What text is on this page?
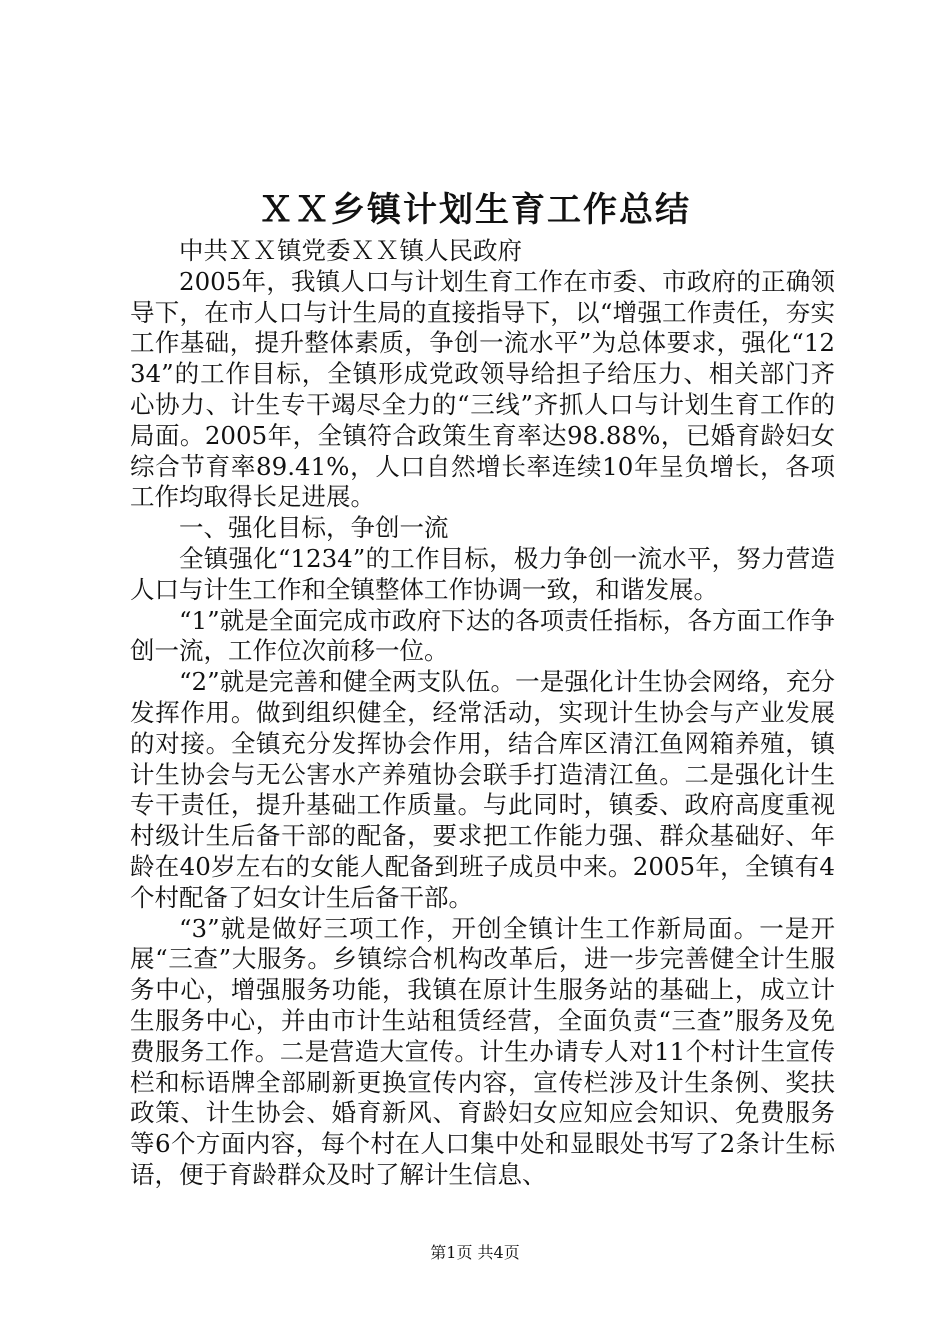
ＸＸ乡镇计划生育工作总结

中共ＸＸ镇党委ＸＸ镇人民政府

2005年，我镇人口与计划生育工作在市委、市政府的正确领导下，在市人口与计生局的直接指导下，以“增强工作责任，夯实工作基础，提升整体素质，争创一流水平”为总体要求，强化“1234”的工作目标，全镇形成党政领导给担子给压力、相关部门齐心协力、计生专干竭尽全力的“三线”齐抓人口与计划生育工作的局面。2005年，全镇符合政策生育率达98.88%，已婚育龄妇女综合节育率89.41%，人口自然增长率连续10年呈负增长，各项工作均取得长足进展。

一、强化目标，争创一流

全镇强化“1234”的工作目标，极力争创一流水平，努力营造人口与计生工作和全镇整体工作协调一致，和谐发展。

“1”就是全面完成市政府下达的各项责任指标，各方面工作争创一流，工作位次前移一位。

“2”就是完善和健全两支队伍。一是强化计生协会网络，充分发挥作用。做到组织健全，经常活动，实现计生协会与产业发展的对接。全镇充分发挥协会作用，结合库区清江鱼网箱养殖，镇计生协会与无公害水产养殖协会联手打造清江鱼。二是强化计生专干责任，提升基础工作质量。与此同时，镇委、政府高度重视村级计生后备干部的配备，要求把工作能力强、群众基础好、年龄在40岁左右的女能人配备到班子成员中来。2005年，全镇有4个村配备了妇女计生后备干部。

“3”就是做好三项工作，开创全镇计生工作新局面。一是开展“三查”大服务。乡镇综合机构改革后，进一步完善健全计生服务中心，增强服务功能，我镇在原计生服务站的基础上，成立计生服务中心，并由市计生站租赁经营，全面负责“三查”服务及免费服务工作。二是营造大宣传。计生办请专人对11个村计生宣传栏和标语牌全部刷新更换宣传内容，宣传栏涉及计生条例、奖扶政策、计生协会、婚育新风、育龄妇女应知应会知识、免费服务等6个方面内容，每个村在人口集中处和显眼处书写了2条计生标语，便于育龄群众及时了解计生信息、

第1页 共4页
